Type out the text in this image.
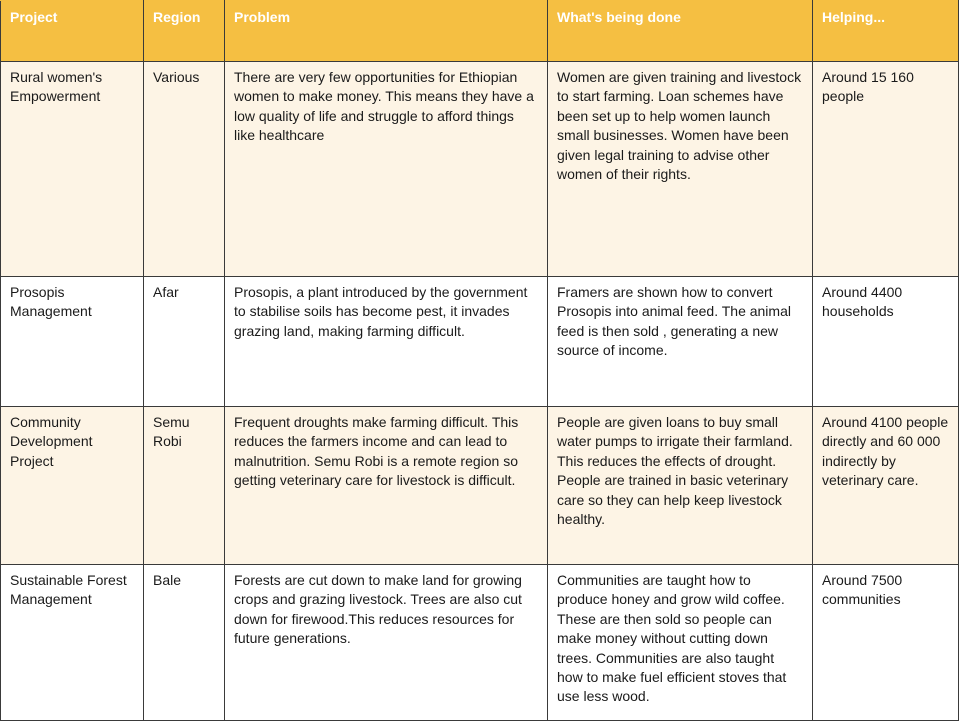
Project	Region	Problem	What's being done	Helping...
Rural women's Empowerment	Various	There are very few opportunities for Ethiopian women to make money. This means they have a low quality of life and struggle to afford things like healthcare	Women are given training and livestock to start farming. Loan schemes have been set up to help women launch small businesses. Women have been given legal training to advise other women of their rights.	Around 15 160 people
Prosopis Management	Afar	Prosopis, a plant introduced by the government to stabilise soils has become pest, it invades grazing land, making farming difficult.	Framers are shown how to convert Prosopis into animal feed. The animal feed is then sold , generating a new source of income.	Around 4400 households
Community Development Project	Semu Robi	Frequent droughts make farming difficult. This reduces the farmers income and can lead to malnutrition. Semu Robi is a remote region so getting veterinary care for livestock is difficult.	People are given loans to buy small water pumps to irrigate their farmland. This reduces the effects of drought. People are trained in basic veterinary care so they can help keep livestock healthy.	Around 4100 people directly and 60 000 indirectly by veterinary care.
Sustainable Forest Management	Bale	Forests are cut down to make land for growing crops and grazing livestock. Trees are also cut down for firewood.This reduces resources for future generations.	Communities are taught how to produce honey and grow wild coffee. These are then sold so people can make money without cutting down trees. Communities are also taught how to make fuel efficient stoves that use less wood.	Around 7500 communities
